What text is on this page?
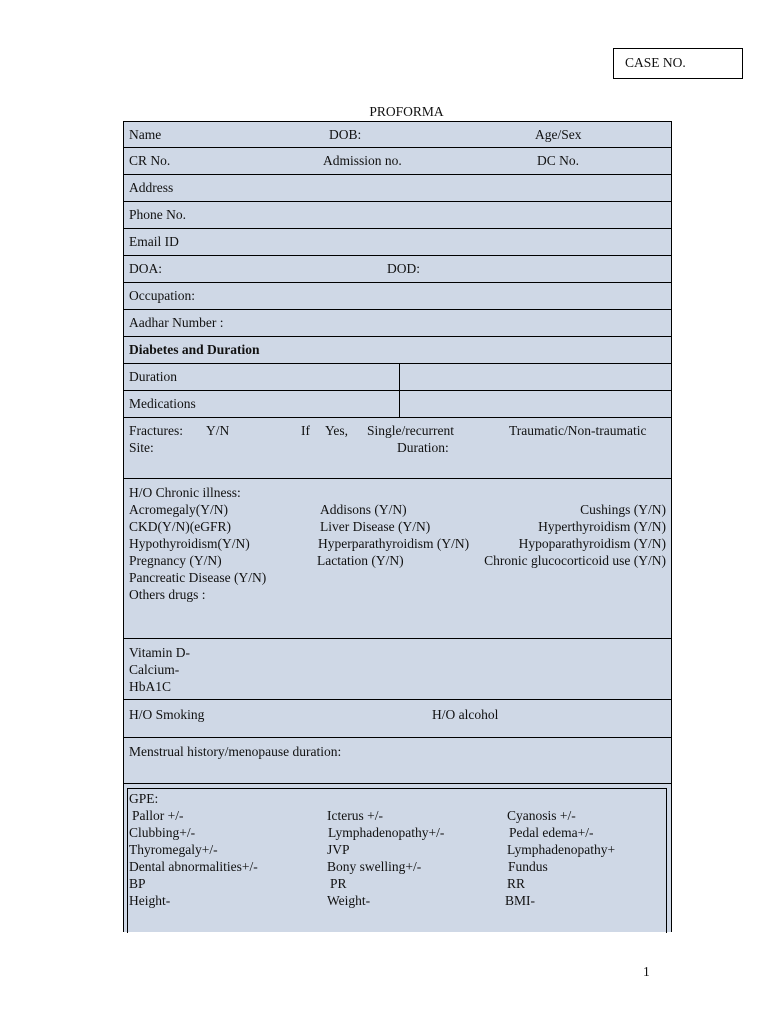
CASE NO.
PROFORMA
Name	DOB:	Age/Sex
CR No.	Admission no.	DC No.
Address
Phone No.
Email ID
DOA:	DOD:
Occupation:
Aadhar Number :
Diabetes and Duration
Duration
Medications
Fractures: Y/N	If Yes, Single/recurrent	Traumatic/Non-traumatic
Site:	Duration:
H/O Chronic illness:
Acromegaly(Y/N)	Addisons (Y/N)	Cushings (Y/N)
CKD(Y/N)(eGFR)	Liver Disease (Y/N)	Hyperthyroidism (Y/N)
Hypothyroidism(Y/N)	Hyperparathyroidism (Y/N)	Hypoparathyroidism (Y/N)
Pregnancy (Y/N)	Lactation (Y/N)	Chronic glucocorticoid use (Y/N)
Pancreatic Disease (Y/N)
Others drugs :
Vitamin D-
Calcium-
HbA1C
H/O Smoking	H/O alcohol
Menstrual history/menopause duration:
GPE:
Pallor +/-	Icterus +/-	Cyanosis +/-
Clubbing+/-	Lymphadenopathy+/-	Pedal edema+/-
Thyromegaly+/-	JVP	Lymphadenopathy+
Dental abnormalities+/-	Bony swelling+/-	Fundus
BP	PR	RR
Height-	Weight-	BMI-
1
